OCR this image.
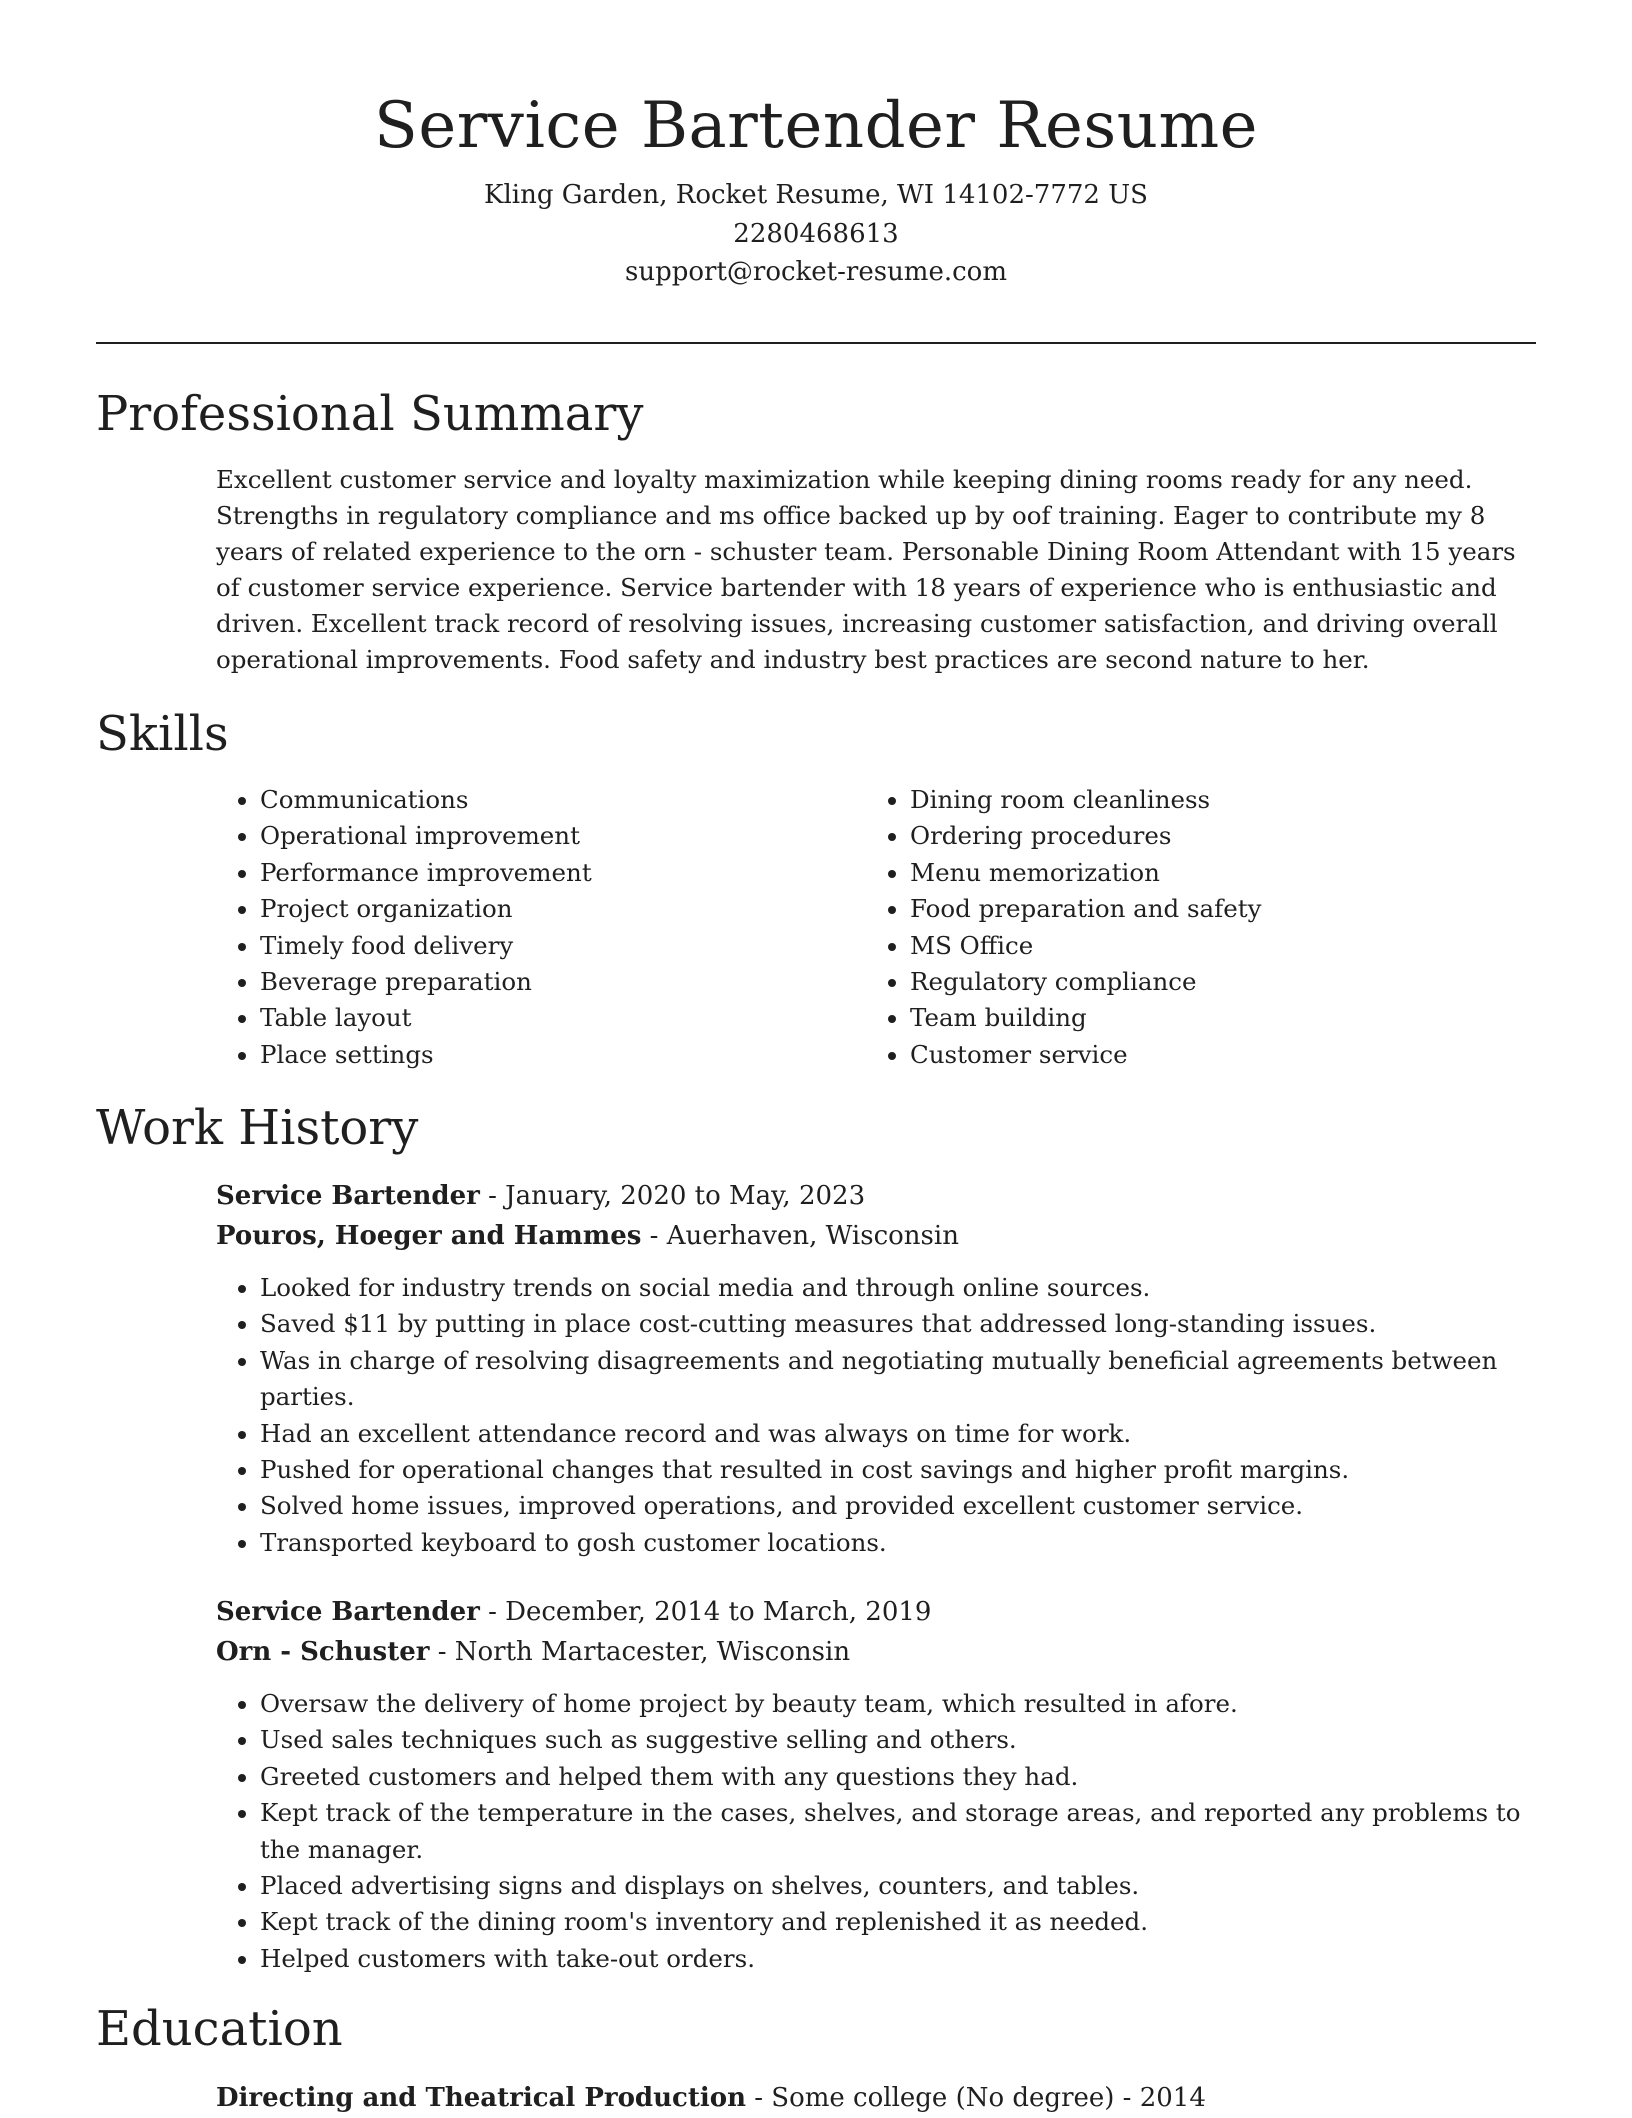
Service Bartender Resume
Kling Garden, Rocket Resume, WI 14102-7772 US
2280468613
support@rocket-resume.com
Professional Summary

Excellent customer service and loyalty maximization while keeping dining rooms ready for any need. Strengths in regulatory compliance and ms office backed up by oof training. Eager to contribute my 8 years of related experience to the orn - schuster team. Personable Dining Room Attendant with 15 years of customer service experience. Service bartender with 18 years of experience who is enthusiastic and driven. Excellent track record of resolving issues, increasing customer satisfaction, and driving overall operational improvements. Food safety and industry best practices are second nature to her.

Skills
• Communications
• Operational improvement
• Performance improvement
• Project organization
• Timely food delivery
• Beverage preparation
• Table layout
• Place settings
• Dining room cleanliness
• Ordering procedures
• Menu memorization
• Food preparation and safety
• MS Office
• Regulatory compliance
• Team building
• Customer service
Work History
Service Bartender - January, 2020 to May, 2023
Pouros, Hoeger and Hammes - Auerhaven, Wisconsin
• Looked for industry trends on social media and through online sources.
• Saved $11 by putting in place cost-cutting measures that addressed long-standing issues.
• Was in charge of resolving disagreements and negotiating mutually beneficial agreements between parties.
• Had an excellent attendance record and was always on time for work.
• Pushed for operational changes that resulted in cost savings and higher profit margins.
• Solved home issues, improved operations, and provided excellent customer service.
• Transported keyboard to gosh customer locations.
Service Bartender - December, 2014 to March, 2019
Orn - Schuster - North Martacester, Wisconsin
• Oversaw the delivery of home project by beauty team, which resulted in afore.
• Used sales techniques such as suggestive selling and others.
• Greeted customers and helped them with any questions they had.
• Kept track of the temperature in the cases, shelves, and storage areas, and reported any problems to the manager.
• Placed advertising signs and displays on shelves, counters, and tables.
• Kept track of the dining room's inventory and replenished it as needed.
• Helped customers with take-out orders.
Education
Directing and Theatrical Production - Some college (No degree) - 2014
